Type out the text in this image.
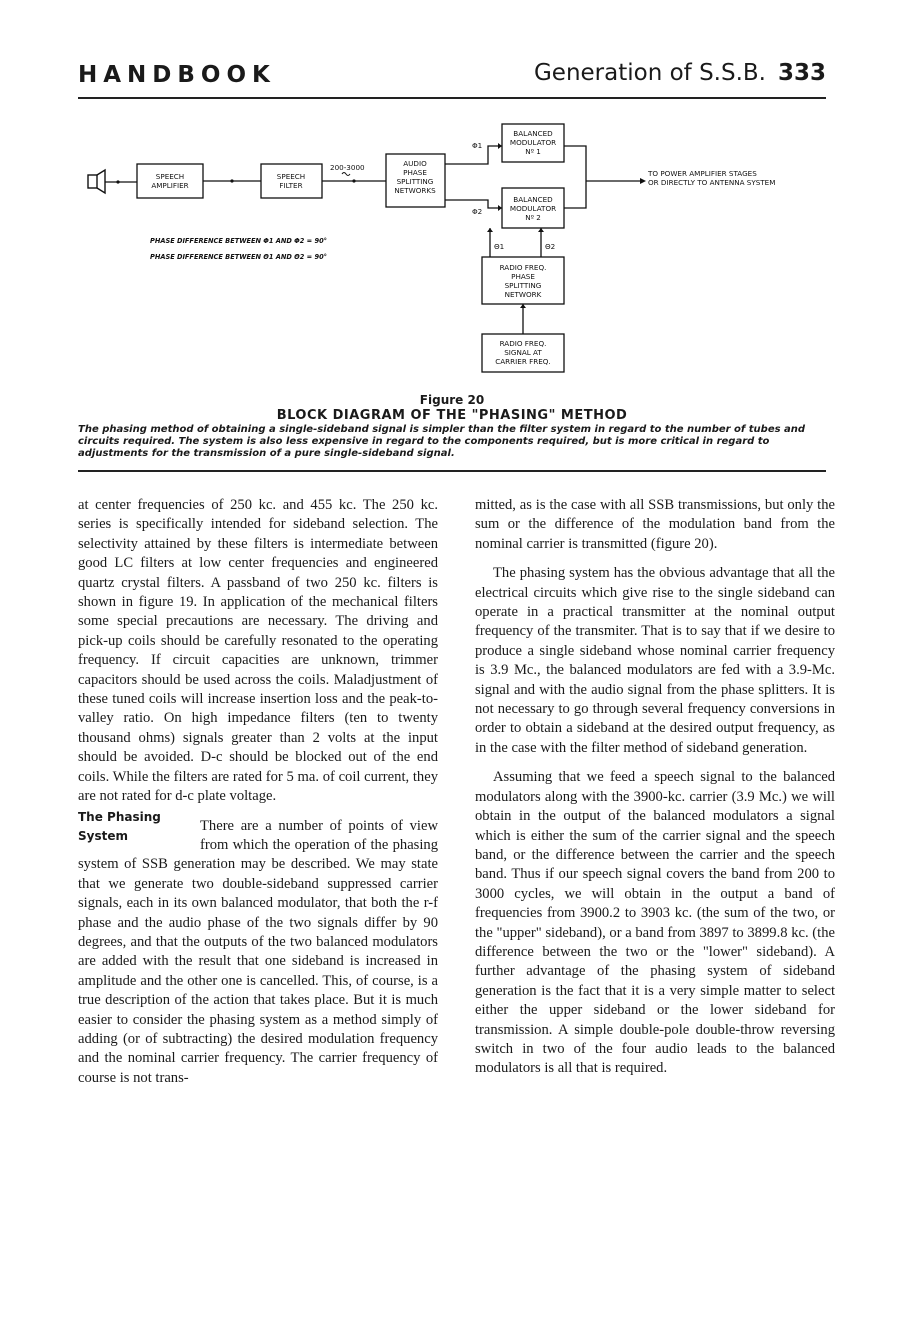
HANDBOOK	Generation of S.S.B. 333
SPEECH
AMPLIFIER
SPEECH
FILTER
200-3000	AUDIO
PHASE
SPLITTING
NETWORKS
BALANCED
MODULATOR
Nº 1
BALANCED
MODULATOR
Nº 2
RADIO FREQ.
PHASE
SPLITTING
NETWORK
RADIO FREQ.
SIGNAL AT
CARRIER FREQ.
Φ1
Φ2
Θ1	Θ2
TO POWER AMPLIFIER STAGES
OR DIRECTLY TO ANTENNA SYSTEM
PHASE DIFFERENCE BETWEEN Φ1 AND Φ2 = 90°
PHASE DIFFERENCE BETWEEN Θ1 AND Θ2 = 90°
Figure 20
BLOCK DIAGRAM OF THE "PHASING" METHOD
The phasing method of obtaining a single-sideband signal is simpler than the filter system in regard to the number of tubes and circuits required. The system is also less expensive in regard to the components required, but is more critical in regard to adjustments for the transmission of a pure single-sideband signal.

at center frequencies of 250 kc. and 455 kc. The 250 kc. series is specifically intended for sideband selection. The selectivity attained by these filters is intermediate between good LC filters at low center frequencies and engineered quartz crystal filters. A passband of two 250 kc. filters is shown in figure 19. In application of the mechanical filters some special precautions are necessary. The driving and pick-up coils should be carefully resonated to the operating frequency. If circuit capacities are unknown, trimmer capacitors should be used across the coils. Maladjustment of these tuned coils will increase insertion loss and the peak-to-valley ratio. On high impedance filters (ten to twenty thousand ohms) signals greater than 2 volts at the input should be avoided. D-c should be blocked out of the end coils. While the filters are rated for 5 ma. of coil current, they are not rated for d-c plate voltage.

The Phasing
System

There are a number of points of view from which the operation of the phasing system of SSB generation may be described. We may state that we generate two double-sideband suppressed carrier signals, each in its own balanced modulator, that both the r-f phase and the audio phase of the two signals differ by 90 degrees, and that the outputs of the two balanced modulators are added with the result that one sideband is increased in amplitude and the other one is cancelled. This, of course, is a true description of the action that takes place. But it is much easier to consider the phasing system as a method simply of adding (or of subtracting) the desired modulation frequency and the nominal carrier frequency. The carrier frequency of course is not trans-

mitted, as is the case with all SSB transmissions, but only the sum or the difference of the modulation band from the nominal carrier is transmitted (figure 20).

The phasing system has the obvious advantage that all the electrical circuits which give rise to the single sideband can operate in a practical transmitter at the nominal output frequency of the transmiter. That is to say that if we desire to produce a single sideband whose nominal carrier frequency is 3.9 Mc., the balanced modulators are fed with a 3.9-Mc. signal and with the audio signal from the phase splitters. It is not necessary to go through several frequency conversions in order to obtain a sideband at the desired output frequency, as in the case with the filter method of sideband generation.

Assuming that we feed a speech signal to the balanced modulators along with the 3900-kc. carrier (3.9 Mc.) we will obtain in the output of the balanced modulators a signal which is either the sum of the carrier signal and the speech band, or the difference between the carrier and the speech band. Thus if our speech signal covers the band from 200 to 3000 cycles, we will obtain in the output a band of frequencies from 3900.2 to 3903 kc. (the sum of the two, or the "upper" sideband), or a band from 3897 to 3899.8 kc. (the difference between the two or the "lower" sideband). A further advantage of the phasing system of sideband generation is the fact that it is a very simple matter to select either the upper sideband or the lower sideband for transmission. A simple double-pole double-throw reversing switch in two of the four audio leads to the balanced modulators is all that is required.
